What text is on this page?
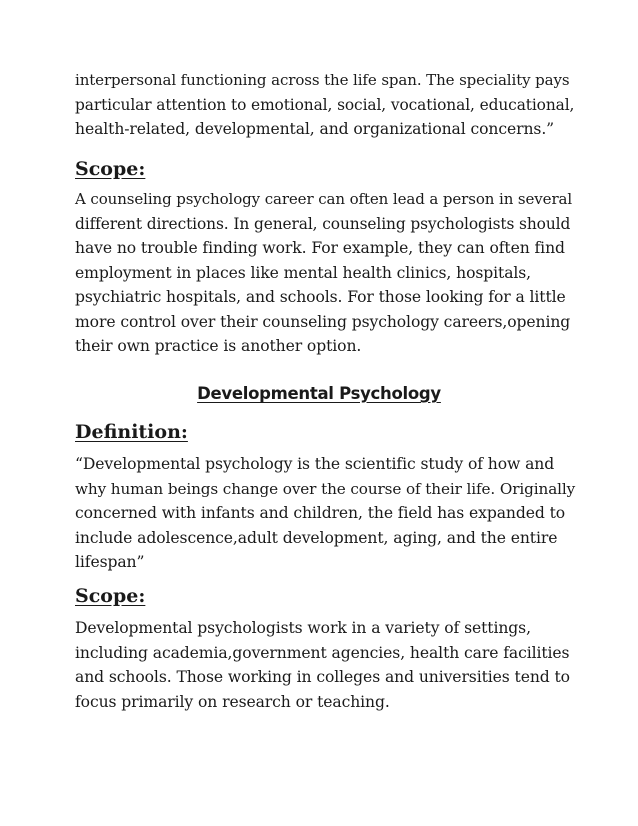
interpersonal functioning across the life span. The speciality pays

particular attention to emotional, social, vocational, educational,

health-related, developmental, and organizational concerns.”

Scope:

A counseling psychology career can often lead a person in several

different directions. In general, counseling psychologists should

have no trouble finding work. For example, they can often find

employment in places like mental health clinics, hospitals,

psychiatric hospitals, and schools. For those looking for a little

more control over their counseling psychology careers,opening

their own practice is another option.

Developmental Psychology
Definition:

“Developmental psychology is the scientific study of how and

why human beings change over the course of their life. Originally

concerned with infants and children, the field has expanded to

include adolescence,adult development, aging, and the entire

lifespan”

Scope:

Developmental psychologists work in a variety of settings,

including academia,government agencies, health care facilities

and schools. Those working in colleges and universities tend to

focus primarily on research or teaching.
